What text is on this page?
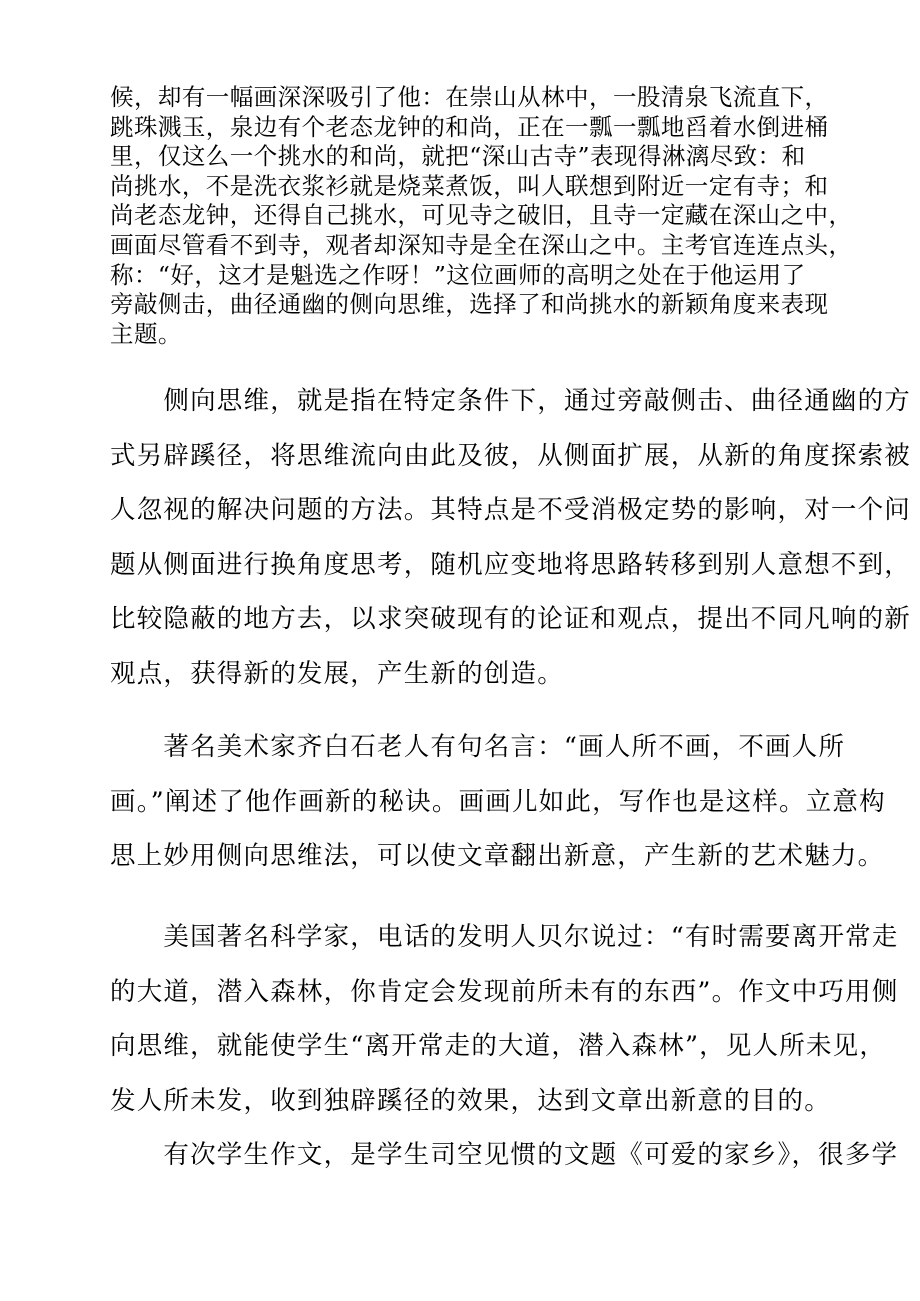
候，却有一幅画深深吸引了他：在崇山从林中，一股清泉飞流直下，
跳珠溅玉，泉边有个老态龙钟的和尚，正在一瓢一瓢地舀着水倒进桶
里，仅这么一个挑水的和尚，就把“深山古寺”表现得淋漓尽致：和
尚挑水，不是洗衣浆衫就是烧菜煮饭，叫人联想到附近一定有寺；和
尚老态龙钟，还得自己挑水，可见寺之破旧，且寺一定藏在深山之中，
画面尽管看不到寺，观者却深知寺是全在深山之中。主考官连连点头，
称：“好，这才是魁选之作呀！”这位画师的高明之处在于他运用了
旁敲侧击，曲径通幽的侧向思维，选择了和尚挑水的新颖角度来表现
主题。
　　侧向思维，就是指在特定条件下，通过旁敲侧击、曲径通幽的方
式另辟蹊径，将思维流向由此及彼，从侧面扩展，从新的角度探索被
人忽视的解决问题的方法。其特点是不受消极定势的影响，对一个问
题从侧面进行换角度思考，随机应变地将思路转移到别人意想不到，
比较隐蔽的地方去，以求突破现有的论证和观点，提出不同凡响的新
观点，获得新的发展，产生新的创造。
　　著名美术家齐白石老人有句名言：“画人所不画，不画人所
画。”阐述了他作画新的秘诀。画画儿如此，写作也是这样。立意构
思上妙用侧向思维法，可以使文章翻出新意，产生新的艺术魅力。
　　美国著名科学家，电话的发明人贝尔说过：“有时需要离开常走
的大道，潜入森林，你肯定会发现前所未有的东西”。作文中巧用侧
向思维，就能使学生“离开常走的大道，潜入森林”，见人所未见，
发人所未发，收到独辟蹊径的效果，达到文章出新意的目的。
　　有次学生作文，是学生司空见惯的文题《可爱的家乡》，很多学
